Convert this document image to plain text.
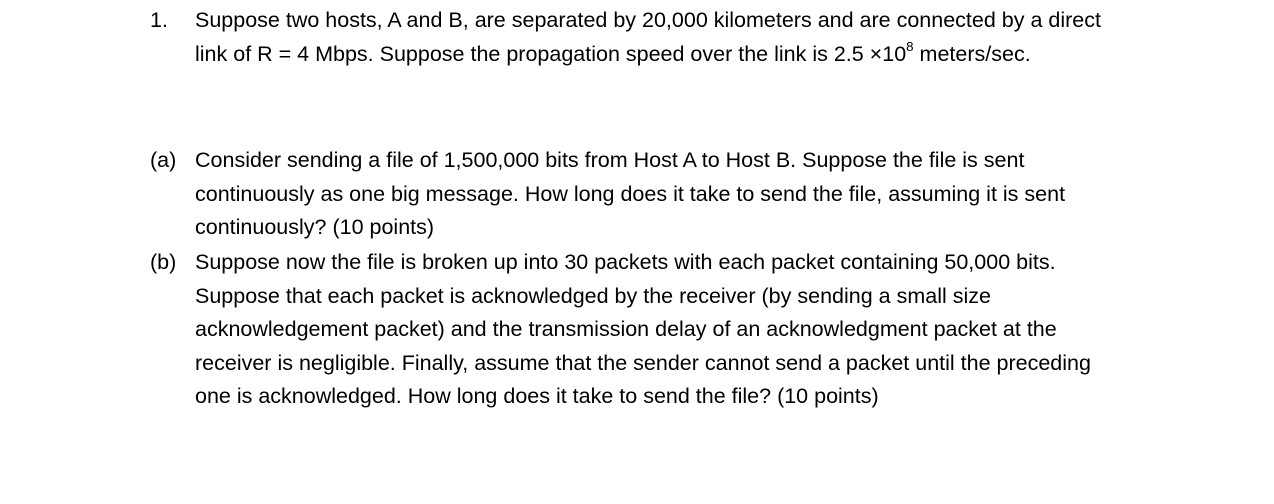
1.	Suppose two hosts, A and B, are separated by 20,000 kilometers and are connected by a direct
link of R = 4 Mbps. Suppose the propagation speed over the link is $2.5 \times 10^8$ meters/sec.
(a) Consider sending a file of 1,500,000 bits from Host A to Host B. Suppose the file is sent
continuously as one big message. How long does it take to send the file, assuming it is sent
continuously? (10 points)
(b) Suppose now the file is broken up into 30 packets with each packet containing 50,000 bits.
Suppose that each packet is acknowledged by the receiver (by sending a small size
acknowledgement packet) and the transmission delay of an acknowledgment packet at the
receiver is negligible. Finally, assume that the sender cannot send a packet until the preceding
one is acknowledged. How long does it take to send the file? (10 points)
